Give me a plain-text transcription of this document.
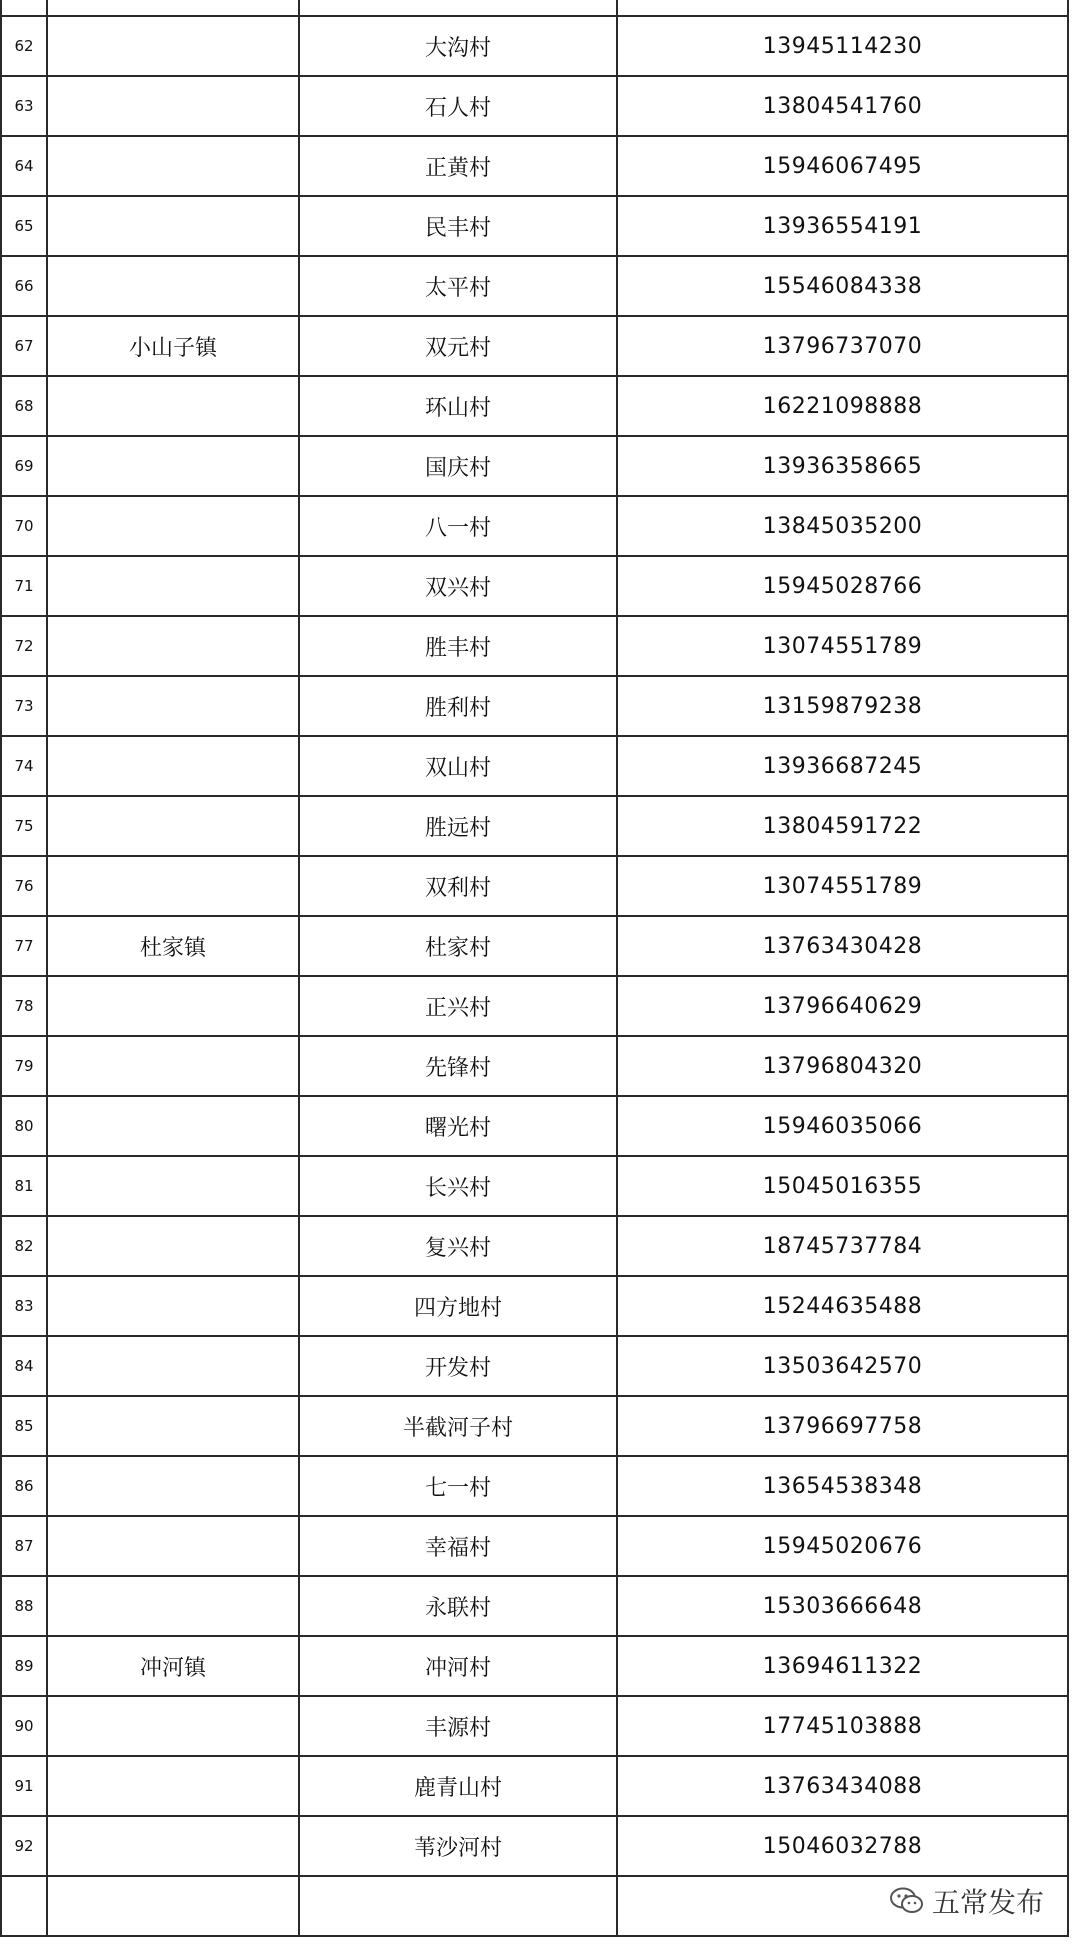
62		大沟村	13945114230
63		石人村	13804541760
64		正黄村	15946067495
65		民丰村	13936554191
66		太平村	15546084338
67	小山子镇	双元村	13796737070
68		环山村	16221098888
69		国庆村	13936358665
70		八一村	13845035200
71		双兴村	15945028766
72		胜丰村	13074551789
73		胜利村	13159879238
74		双山村	13936687245
75		胜远村	13804591722
76		双利村	13074551789
77	杜家镇	杜家村	13763430428
78		正兴村	13796640629
79		先锋村	13796804320
80		曙光村	15946035066
81		长兴村	15045016355
82		复兴村	18745737784
83		四方地村	15244635488
84		开发村	13503642570
85		半截河子村	13796697758
86		七一村	13654538348
87		幸福村	15945020676
88		永联村	15303666648
89	冲河镇	冲河村	13694611322
90		丰源村	17745103888
91		鹿青山村	13763434088
92		苇沙河村	15046032788

五常发布
